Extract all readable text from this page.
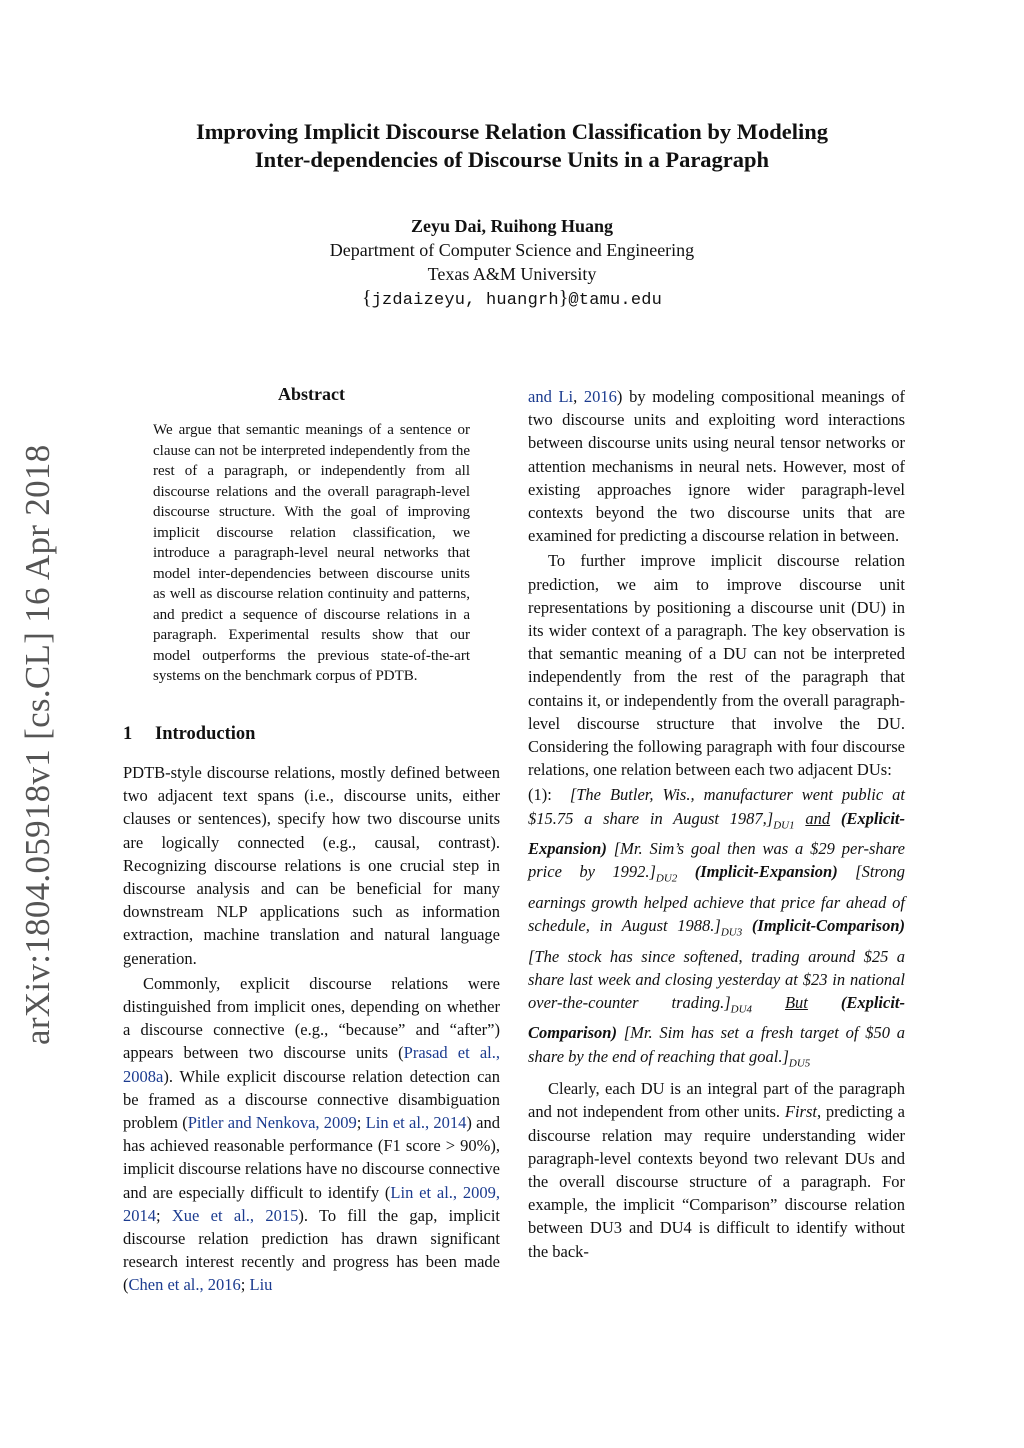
arXiv:1804.05918v1 [cs.CL] 16 Apr 2018
Improving Implicit Discourse Relation Classification by Modeling
Inter-dependencies of Discourse Units in a Paragraph
Zeyu Dai, Ruihong Huang
Department of Computer Science and Engineering
Texas A&M University
{jzdaizeyu, huangrh}@tamu.edu
Abstract
We argue that semantic meanings of a sentence or clause can not be interpreted independently from the rest of a paragraph, or independently from all discourse relations and the overall paragraph-level discourse structure. With the goal of improving implicit discourse relation classification, we introduce a paragraph-level neural networks that model inter-dependencies between discourse units as well as discourse relation continuity and patterns, and predict a sequence of discourse relations in a paragraph. Experimental results show that our model outperforms the previous state-of-the-art systems on the benchmark corpus of PDTB.
1 Introduction

PDTB-style discourse relations, mostly defined between two adjacent text spans (i.e., discourse units, either clauses or sentences), specify how two discourse units are logically connected (e.g., causal, contrast). Recognizing discourse relations is one crucial step in discourse analysis and can be beneficial for many downstream NLP applications such as information extraction, machine translation and natural language generation.

Commonly, explicit discourse relations were distinguished from implicit ones, depending on whether a discourse connective (e.g., “because” and “after”) appears between two discourse units (Prasad et al., 2008a). While explicit discourse relation detection can be framed as a discourse connective disambiguation problem (Pitler and Nenkova, 2009; Lin et al., 2014) and has achieved reasonable performance (F1 score > 90%), implicit discourse relations have no discourse connective and are especially difficult to identify (Lin et al., 2009, 2014; Xue et al., 2015). To fill the gap, implicit discourse relation prediction has drawn significant research interest recently and progress has been made (Chen et al., 2016; Liu

and Li, 2016) by modeling compositional meanings of two discourse units and exploiting word interactions between discourse units using neural tensor networks or attention mechanisms in neural nets. However, most of existing approaches ignore wider paragraph-level contexts beyond the two discourse units that are examined for predicting a discourse relation in between.

To further improve implicit discourse relation prediction, we aim to improve discourse unit representations by positioning a discourse unit (DU) in its wider context of a paragraph. The key observation is that semantic meaning of a DU can not be interpreted independently from the rest of the paragraph that contains it, or independently from the overall paragraph-level discourse structure that involve the DU. Considering the following paragraph with four discourse relations, one relation between each two adjacent DUs:

(1): [The Butler, Wis., manufacturer went public at $15.75 a share in August $1987,]_{DU1}$ and (Explicit-Expansion) [Mr. Sim’s goal then was a $29 per-share price by $1992.]_{DU2}$ (Implicit-Expansion) [Strong earnings growth helped achieve that price far ahead of schedule, in August $1988.]_{DU3}$ (Implicit-Comparison) [The stock has since softened, trading around $25 a share last week and closing yesterday at $23 in national over-the-counter $trading.]_{DU4}$ But (Explicit-Comparison) [Mr. Sim has set a fresh target of $50 a share by the end of reaching that $goal.]_{DU5}$

Clearly, each DU is an integral part of the paragraph and not independent from other units. First, predicting a discourse relation may require understanding wider paragraph-level contexts beyond two relevant DUs and the overall discourse structure of a paragraph. For example, the implicit “Comparison” discourse relation between DU3 and DU4 is difficult to identify without the back-
